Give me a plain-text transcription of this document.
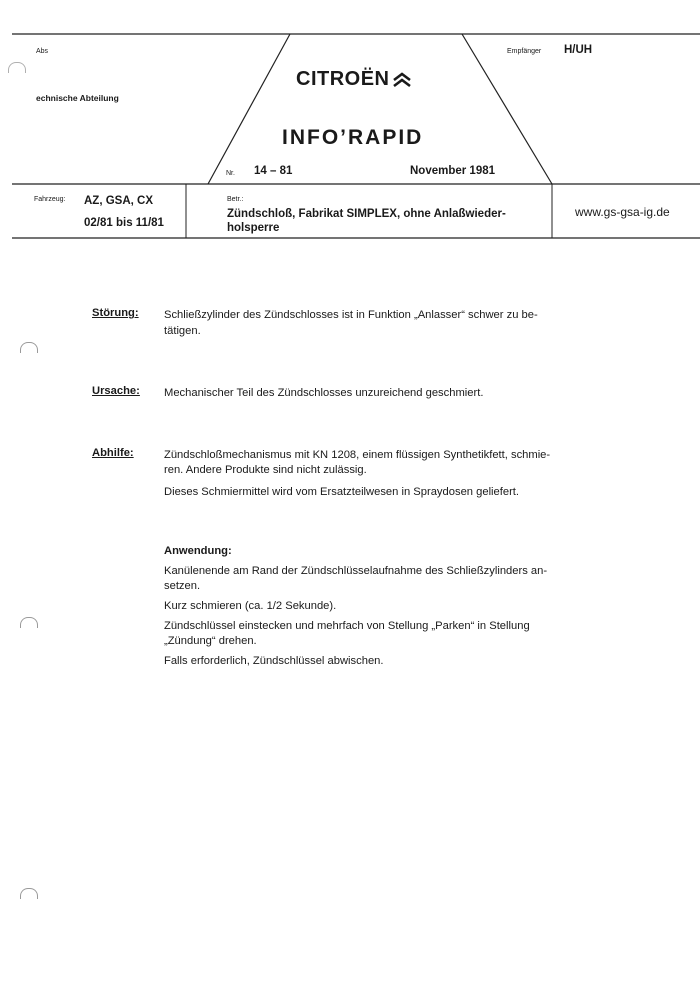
Abs
echnische Abteilung
Empfänger H/UH
CITROËN
INFO’RAPID
Nr. 14 – 81	November 1981
Fahrzeug: AZ, GSA, CX
02/81 bis 11/81
Betr.:
Zündschloß, Fabrikat SIMPLEX, ohne Anlaßwieder-
holsperre
www.gs-gsa-ig.de
Störung: Schließzylinder des Zündschlosses ist in Funktion „Anlasser“ schwer zu be-
tätigen.
Ursache: Mechanischer Teil des Zündschlosses unzureichend geschmiert.
Abhilfe:	Zündschloßmechanismus mit KN 1208, einem flüssigen Synthetikfett, schmie-
ren. Andere Produkte sind nicht zulässig.
Dieses Schmiermittel wird vom Ersatzteilwesen in Spraydosen geliefert.
Anwendung:
Kanülenende am Rand der Zündschlüsselaufnahme des Schließzylinders an-
setzen.
Kurz schmieren (ca. 1/2 Sekunde).
Zündschlüssel einstecken und mehrfach von Stellung „Parken“ in Stellung
„Zündung“ drehen.
Falls erforderlich, Zündschlüssel abwischen.
